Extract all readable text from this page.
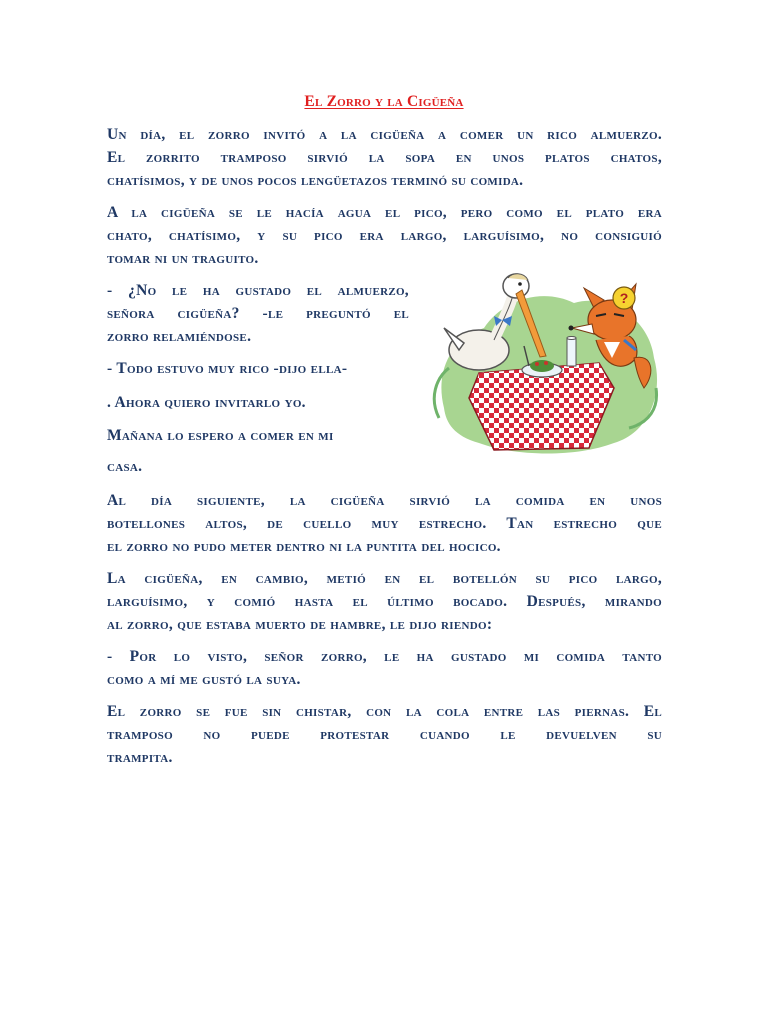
El Zorro y la Cigüeña
Un día, el zorro invitó a la cigüeña a comer un rico almuerzo.
El zorrito tramposo sirvió la sopa en unos platos chatos,
chatísimos, y de unos pocos lengüetazos terminó su comida.
A la cigüeña se le hacía agua el pico, pero como el plato era
chato, chatísimo, y su pico era largo, larguísimo, no consiguió
tomar ni un traguito.
- ¿No le ha gustado el almuerzo,
señora cigüeña? -le preguntó el
zorro relamiéndose.
- Todo estuvo muy rico -dijo ella-
. Ahora quiero invitarlo yo.
Mañana lo espero a comer en mi
casa.
Al día siguiente, la cigüeña sirvió la comida en unos
botellones altos, de cuello muy estrecho. Tan estrecho que
el zorro no pudo meter dentro ni la puntita del hocico.
La cigüeña, en cambio, metió en el botellón su pico largo,
larguísimo, y comió hasta el último bocado. Después, mirando
al zorro, que estaba muerto de hambre, le dijo riendo:
- Por lo visto, señor zorro, le ha gustado mi comida tanto
como a mí me gustó la suya.
El zorro se fue sin chistar, con la cola entre las piernas. El
tramposo no puede protestar cuando le devuelven su
trampita.
?
